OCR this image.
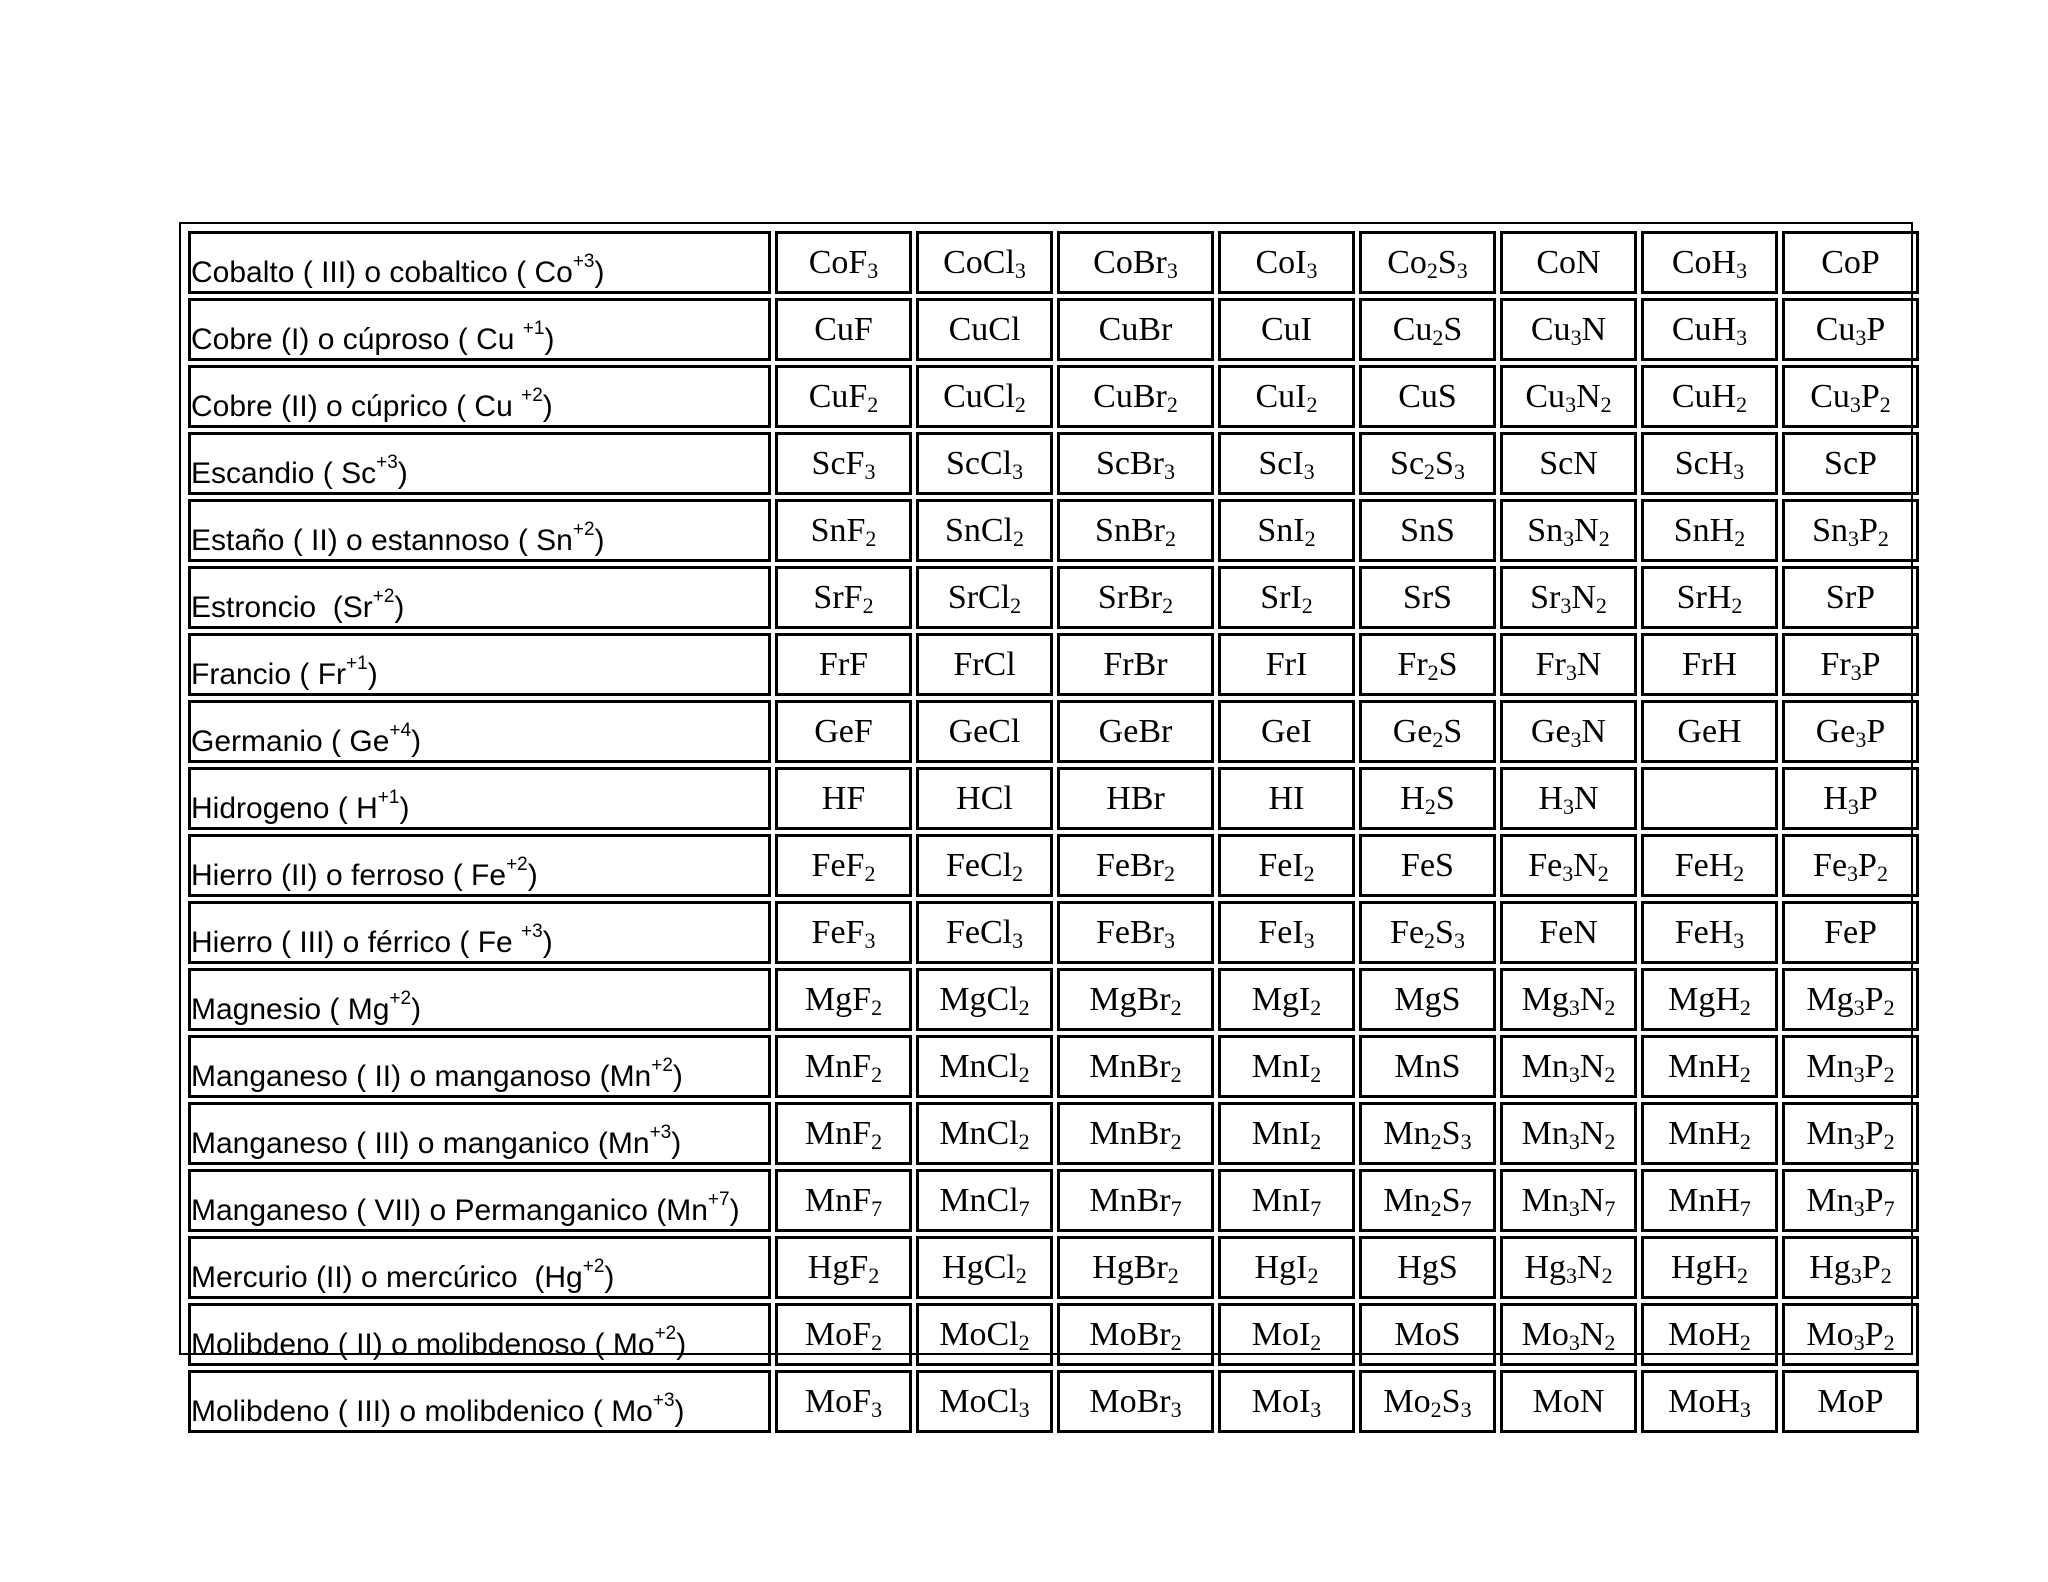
Cobalto ( III) o cobaltico ( $Co^{+3}$)	CoF$_3$	CoCl$_3$	CoBr$_3$	CoI$_3$	$Co_2S_3$	CoN	CoH$_3$	CoP
Cobre (I) o cúproso ( Cu $^{+1}$)	CuF	CuCl	CuBr	CuI	$Cu_2S$	$Cu_3N$	CuH$_3$	$Cu_3P$
Cobre (II) o cúprico ( Cu $^{+2}$)	CuF$_2$	CuCl$_2$	CuBr$_2$	CuI$_2$	CuS	$Cu_3N_2$	CuH$_2$	$Cu_3P_2$
Escandio ( $Sc^{+3}$)	ScF$_3$	ScCl$_3$	ScBr$_3$	ScI$_3$	$Sc_2S_3$	ScN	ScH$_3$	ScP
Estaño ( II) o estannoso ( $Sn^{+2}$)	SnF$_2$	SnCl$_2$	SnBr$_2$	SnI$_2$	SnS	$Sn_3N_2$	SnH$_2$	$Sn_3P_2$
Estroncio  $(Sr^{+2})$	SrF$_2$	SrCl$_2$	SrBr$_2$	SrI$_2$	SrS	$Sr_3N_2$	SrH$_2$	SrP
Francio ( $Fr^{+1}$)	FrF	FrCl	FrBr	FrI	$Fr_2S$	$Fr_3N$	FrH	$Fr_3P$
Germanio ( $Ge^{+4}$)	GeF	GeCl	GeBr	GeI	$Ge_2S$	$Ge_3N$	GeH	$Ge_3P$
Hidrogeno ( $H^{+1}$)	HF	HCl	HBr	HI	$H_2S$	$H_3N$		$H_3P$
Hierro (II) o ferroso ( $Fe^{+2}$)	FeF$_2$	FeCl$_2$	FeBr$_2$	FeI$_2$	FeS	$Fe_3N_2$	FeH$_2$	$Fe_3P_2$
Hierro ( III) o férrico ( Fe $^{+3}$)	FeF$_3$	FeCl$_3$	FeBr$_3$	FeI$_3$	$Fe_2S_3$	FeN	FeH$_3$	FeP
Magnesio ( $Mg^{+2}$)	MgF$_2$	MgCl$_2$	MgBr$_2$	MgI$_2$	MgS	$Mg_3N_2$	MgH$_2$	$Mg_3P_2$
Manganeso ( II) o manganoso $(Mn^{+2})$	MnF$_2$	MnCl$_2$	MnBr$_2$	MnI$_2$	MnS	$Mn_3N_2$	MnH$_2$	$Mn_3P_2$
Manganeso ( III) o manganico $(Mn^{+3})$	MnF$_2$	MnCl$_2$	MnBr$_2$	MnI$_2$	$Mn_2S_3$	$Mn_3N_2$	MnH$_2$	$Mn_3P_2$
Manganeso ( VII) o Permanganico $(Mn^{+7})$	MnF$_7$	MnCl$_7$	MnBr$_7$	MnI$_7$	$Mn_2S_7$	$Mn_3N_7$	MnH$_7$	$Mn_3P_7$
Mercurio (II) o mercúrico  $(Hg^{+2})$	HgF$_2$	HgCl$_2$	HgBr$_2$	HgI$_2$	HgS	$Hg_3N_2$	HgH$_2$	$Hg_3P_2$
Molibdeno ( II) o molibdenoso ( $Mo^{+2}$)	MoF$_2$	MoCl$_2$	MoBr$_2$	MoI$_2$	MoS	$Mo_3N_2$	MoH$_2$	$Mo_3P_2$
Molibdeno ( III) o molibdenico ( $Mo^{+3}$)	MoF$_3$	MoCl$_3$	MoBr$_3$	MoI$_3$	$Mo_2S_3$	MoN	MoH$_3$	MoP
